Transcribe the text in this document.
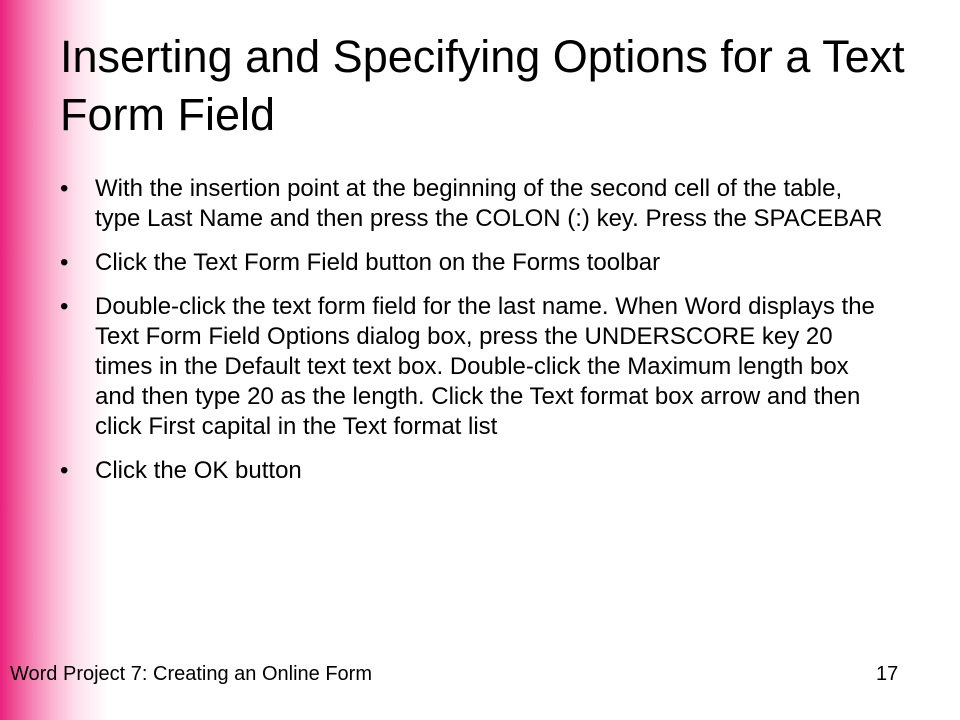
Inserting and Specifying Options for a Text Form Field
• With the insertion point at the beginning of the second cell of the table, type Last Name and then press the COLON (:) key. Press the SPACEBAR
• Click the Text Form Field button on the Forms toolbar
• Double-click the text form field for the last name. When Word displays the Text Form Field Options dialog box, press the UNDERSCORE key 20 times in the Default text text box. Double-click the Maximum length box and then type 20 as the length. Click the Text format box arrow and then click First capital in the Text format list
• Click the OK button
Word Project 7: Creating an Online Form	17
